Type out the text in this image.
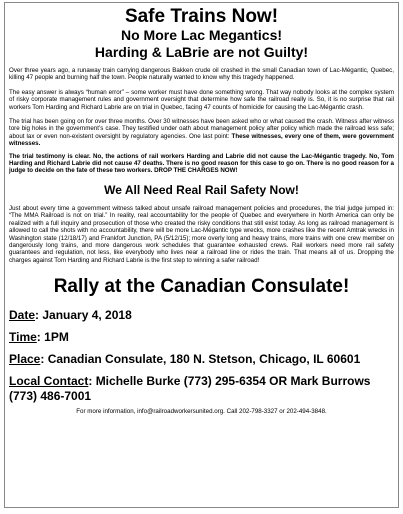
Safe Trains Now!
No More Lac Megantics!
Harding & LaBrie are not Guilty!

Over three years ago, a runaway train carrying dangerous Bakken crude oil crashed in the small Canadian town of Lac-Mégantic, Quebec, killing 47 people and burning half the town. People naturally wanted to know why this tragedy happened.

The easy answer is always “human error” – some worker must have done something wrong. That way nobody looks at the complex system of risky corporate management rules and government oversight that determine how safe the railroad really is. So, it is no surprise that rail workers Tom Harding and Richard Labrie are on trial in Quebec, facing 47 counts of homicide for causing the Lac-Mégantic crash.

The trial has been going on for over three months. Over 30 witnesses have been asked who or what caused the crash. Witness after witness tore big holes in the government’s case. They testified under oath about management policy after policy which made the railroad less safe; about lax or even non-existent oversight by regulatory agencies. One last point: These witnesses, every one of them, were government witnesses.

The trial testimony is clear. No, the actions of rail workers Harding and Labrie did not cause the Lac-Mégantic tragedy. No, Tom Harding and Richard Labrie did not cause 47 deaths. There is no good reason for this case to go on. There is no good reason for a judge to decide on the fate of these two workers. DROP THE CHARGES NOW!

We All Need Real Rail Safety Now!

Just about every time a government witness talked about unsafe railroad management policies and procedures, the trial judge jumped in: “The MMA Railroad is not on trial.” In reality, real accountability for the people of Quebec and everywhere in North America can only be realized with a full inquiry and prosecution of those who created the risky conditions that still exist today. As long as railroad management is allowed to call the shots with no accountability, there will be more Lac-Mégantic type wrecks, more crashes like the recent Amtrak wrecks in Washington state (12/18/17) and Frankfort Junction, PA (5/12/15); more overly long and heavy trains, more trains with one crew member on dangerously long trains, and more dangerous work schedules that guarantee exhausted crews. Rail workers need more rail safety guarantees and regulation, not less, like everybody who lives near a railroad line or rides the train. That means all of us. Dropping the charges against Tom Harding and Richard Labrie is the first step to winning a safer railroad!

Rally at the Canadian Consulate!
Date: January 4, 2018
Time: 1PM
Place: Canadian Consulate, 180 N. Stetson, Chicago, IL 60601
Local Contact: Michelle Burke (773) 295-6354 OR Mark Burrows (773) 486-7001
For more information, info@railroadworkersunited.org. Call 202-798-3327 or 202-494-3848.
